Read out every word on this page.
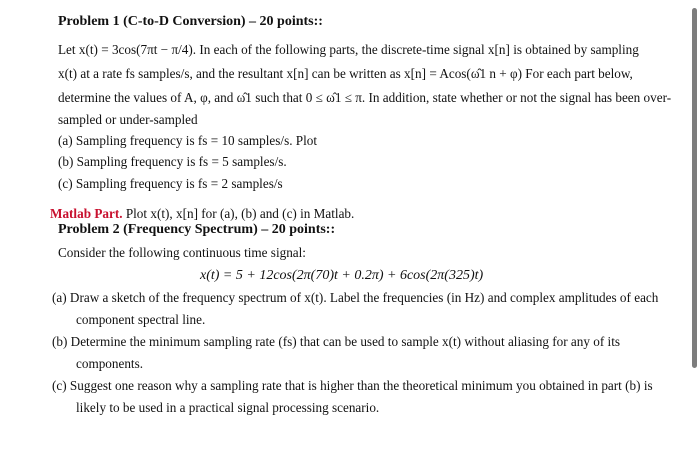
Problem 1 (C-to-D Conversion) – 20 points::
Let x(t) = 3cos(7πt − π/4). In each of the following parts, the discrete-time signal x[n] is obtained by sampling
x(t) at a rate fs samples/s, and the resultant x[n] can be written as x[n] = Acos(ω̂1 n + φ) For each part below,
determine the values of A, φ, and ω̂1 such that 0 ≤ ω̂1 ≤ π. In addition, state whether or not the signal has been over-
sampled or under-sampled
(a) Sampling frequency is fs = 10 samples/s. Plot
(b) Sampling frequency is fs = 5 samples/s.
(c) Sampling frequency is fs = 2 samples/s
Matlab Part. Plot x(t), x[n] for (a), (b) and (c) in Matlab.
Problem 2 (Frequency Spectrum) – 20 points::
Consider the following continuous time signal:
x(t) = 5 + 12cos(2π(70)t + 0.2π) + 6cos(2π(325)t)
(a) Draw a sketch of the frequency spectrum of x(t). Label the frequencies (in Hz) and complex amplitudes of each
component spectral line.
(b) Determine the minimum sampling rate (fs) that can be used to sample x(t) without aliasing for any of its
components.
(c) Suggest one reason why a sampling rate that is higher than the theoretical minimum you obtained in part (b) is
likely to be used in a practical signal processing scenario.
